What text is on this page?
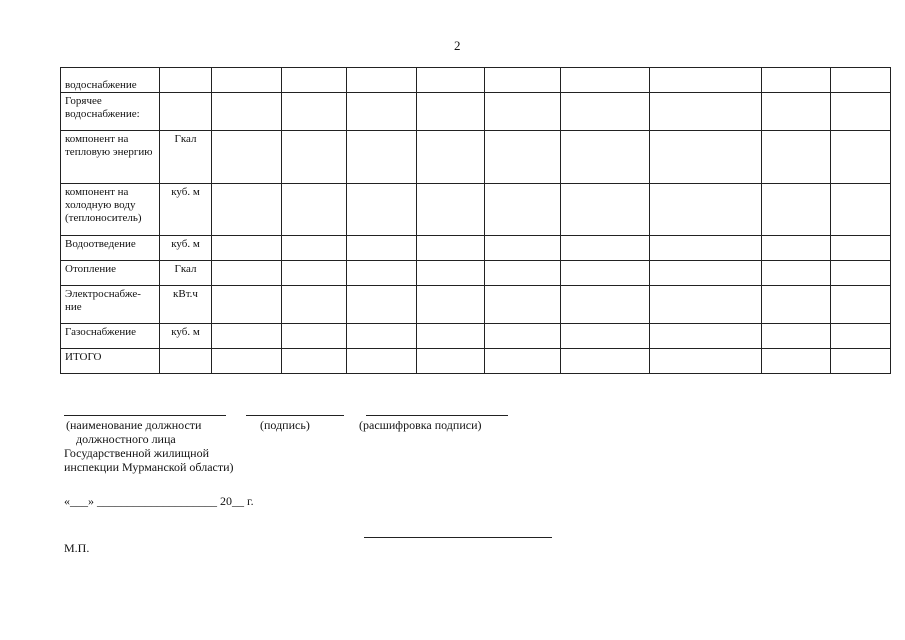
2
водоснабжение										
Горячее водоснабжение:										
компонент на тепловую энергию	Гкал									
компонент на холодную воду (теплоноситель)	куб. м									
Водоотведение	куб. м									
Отопление	Гкал									
Электроснабже-ние	кВт.ч									
Газоснабжение	куб. м									
ИТОГО										
(наименование должности
должностного лица
Государственной жилищной
инспекции Мурманской области)
(подпись)	(расшифровка подписи)
«___» ____________________ 20__ г.
М.П.
